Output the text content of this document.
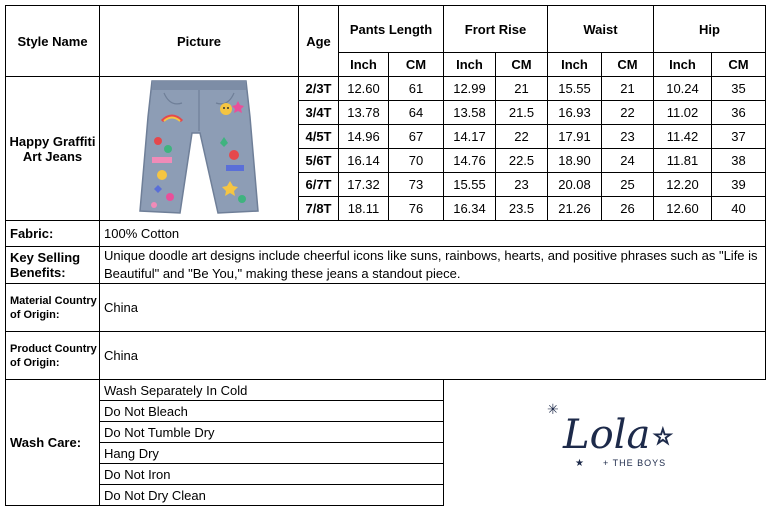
Style Name	Picture	Age	Pants Length		Frort Rise		Waist		Hip	
			Inch	CM	Inch	CM	Inch	CM	Inch	CM
Happy Graffiti Art Jeans		2/3T	12.60	61	12.99	21	15.55	21	10.24	35
		3/4T	13.78	64	13.58	21.5	16.93	22	11.02	36
		4/5T	14.96	67	14.17	22	17.91	23	11.42	37
		5/6T	16.14	70	14.76	22.5	18.90	24	11.81	38
		6/7T	17.32	73	15.55	23	20.08	25	12.20	39
		7/8T	18.11	76	16.34	23.5	21.26	26	12.60	40
Fabric:	100% Cotton									
Key Selling Benefits:	Unique doodle art designs include cheerful icons like suns, rainbows, hearts, and positive phrases such as "Life is Beautiful" and "Be You," making these jeans a standout piece.									
Material Country of Origin:	China									
Product Country of Origin:	China									
Wash Care:	Wash Separately In Cold									
	Do Not Bleach									
	Do Not Tumble Dry									
	Hang Dry									
	Do Not Iron									
	Do Not Dry Clean									
✳
Lola ☆
★ + THE BOYS
